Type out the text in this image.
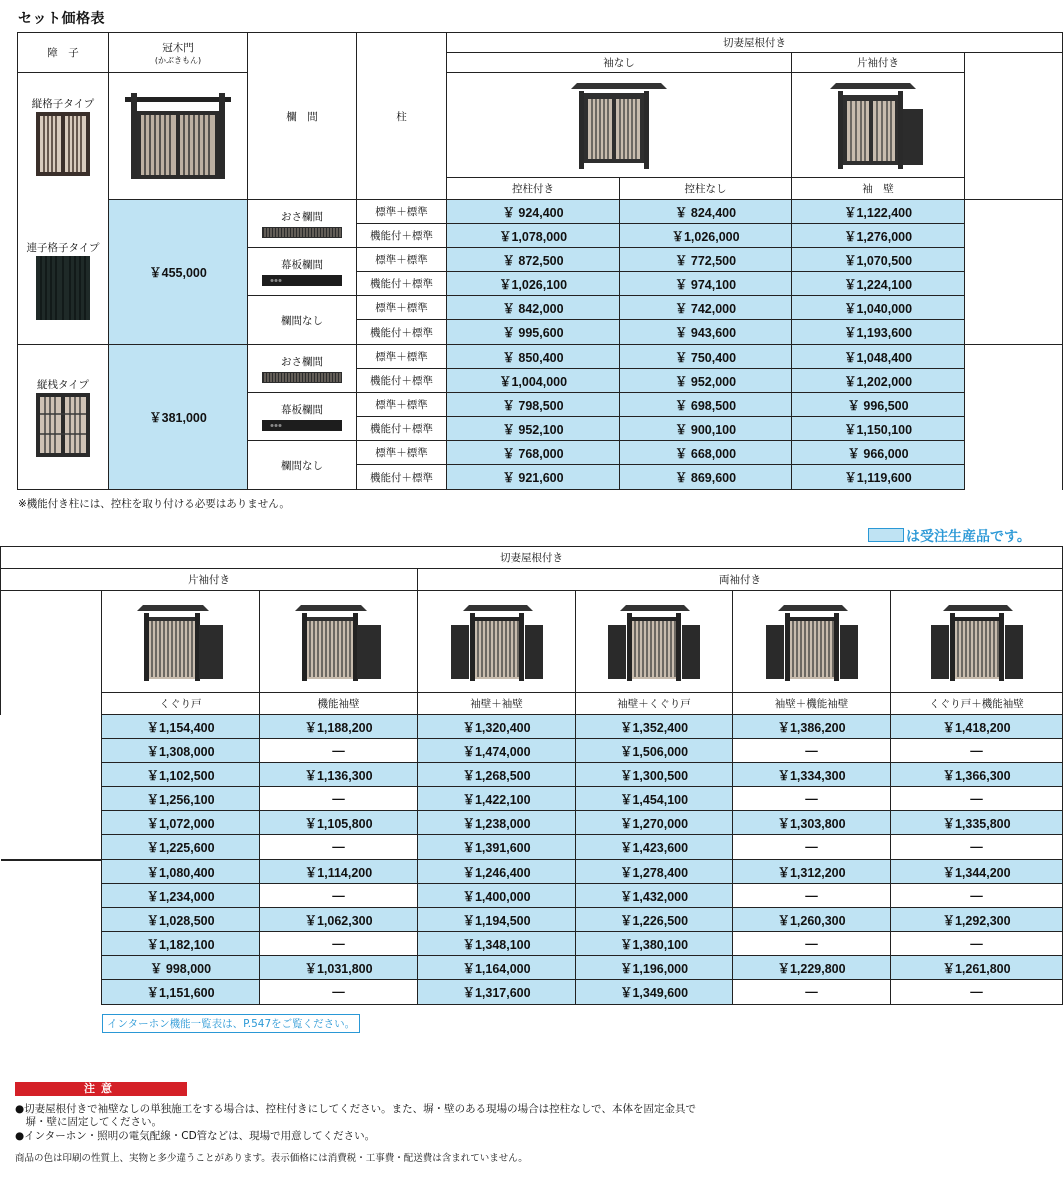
セット価格表
障　子	冠木門
(かぶきもん)	欄　間	柱	切妻屋根付き			
				袖なし		片袖付き	

縦格子タイプ

				控柱付き	控柱なし	袖　壁	

連子格子タイプ	￥455,000	おさ欄間	標準＋標準	￥ 924,400	￥ 824,400	￥1,122,400	
			機能付＋標準	￥1,078,000	￥1,026,000	￥1,276,000	

		幕板欄間	標準＋標準	￥ 872,500	￥ 772,500	￥1,070,500	
			機能付＋標準	￥1,026,100	￥ 974,100	￥1,224,100	

		欄間なし	標準＋標準	￥ 842,000	￥ 742,000	￥1,040,000	
			機能付＋標準	￥ 995,600	￥ 943,600	￥1,193,600	

縦桟タイプ	￥381,000	おさ欄間	標準＋標準	￥ 850,400	￥ 750,400	￥1,048,400	
			機能付＋標準	￥1,004,000	￥ 952,000	￥1,202,000	

		幕板欄間	標準＋標準	￥ 798,500	￥ 698,500	￥ 996,500	
			機能付＋標準	￥ 952,100	￥ 900,100	￥1,150,100	

		欄間なし	標準＋標準	￥ 768,000	￥ 668,000	￥ 966,000	
			機能付＋標準	￥ 921,600	￥ 869,600	￥1,119,600	
※機能付き柱には、控柱を取り付ける必要はありません。
は受注生産品です。
切妻屋根付き						
片袖付き			両袖付き			

	くぐり戸	機能袖壁	袖壁＋袖壁	袖壁＋くぐり戸	袖壁＋機能袖壁	くぐり戸＋機能袖壁
	￥1,154,400	￥1,188,200	￥1,320,400	￥1,352,400	￥1,386,200	￥1,418,200
	￥1,308,000	―	￥1,474,000	￥1,506,000	―	―
	￥1,102,500	￥1,136,300	￥1,268,500	￥1,300,500	￥1,334,300	￥1,366,300
	￥1,256,100	―	￥1,422,100	￥1,454,100	―	―
	￥1,072,000	￥1,105,800	￥1,238,000	￥1,270,000	￥1,303,800	￥1,335,800
	￥1,225,600	―	￥1,391,600	￥1,423,600	―	―
	￥1,080,400	￥1,114,200	￥1,246,400	￥1,278,400	￥1,312,200	￥1,344,200
	￥1,234,000	―	￥1,400,000	￥1,432,000	―	―
	￥1,028,500	￥1,062,300	￥1,194,500	￥1,226,500	￥1,260,300	￥1,292,300
	￥1,182,100	―	￥1,348,100	￥1,380,100	―	―
	￥ 998,000	￥1,031,800	￥1,164,000	￥1,196,000	￥1,229,800	￥1,261,800
	￥1,151,600	―	￥1,317,600	￥1,349,600	―	―
インターホン機能一覧表は、P.547をご覧ください。
注意
●切妻屋根付きで袖壁なしの単独施工をする場合は、控柱付きにしてください。また、塀・壁のある現場の場合は控柱なしで、本体を固定金具で
　塀・壁に固定してください。
●インターホン・照明の電気配線・CD管などは、現場で用意してください。
商品の色は印刷の性質上、実物と多少違うことがあります。表示価格には消費税・工事費・配送費は含まれていません。
